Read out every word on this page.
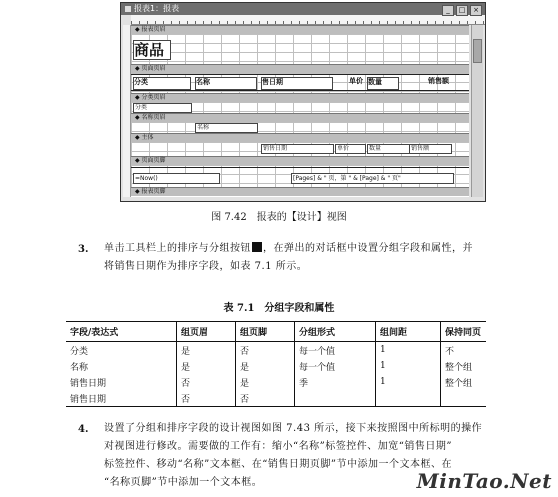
报表1：报表	_ □ ×
◆ 报表页眉
商品
◆ 页面页眉
分类	名称	售日期	单价 数量	销售额
◆ 分类页眉
分类
◆ 名称页眉
名称
◆ 主体
销售日期	单价	数量	销售额
◆ 页面页脚
=Now()	[Pages] & " 页，第 " & [Page] & " 页"
◆ 报表页脚
图 7.42　报表的【设计】视图
3. 单击工具栏上的排序与分组按钮 ，在弹出的对话框中设置分组字段和属性，并
将销售日期作为排序字段，如表 7.1 所示。
表 7.1　分组字段和属性
字段/表达式	组页眉	组页脚	分组形式	组间距	保持同页
分类	是	否	每一个值	1	不
名称	是	是	每一个值	1	整个组
销售日期	否	是	季	1	整个组
销售日期	否	否			
4. 设置了分组和排序字段的设计视图如图 7.43 所示，接下来按照图中所标明的操作
对视图进行修改。需要做的工作有：缩小“名称”标签控件、加宽“销售日期”
标签控件、移动“名称”文本框、在“销售日期页脚”节中添加一个文本框、在
“名称页脚”节中添加一个文本框。	MinTao.Net
